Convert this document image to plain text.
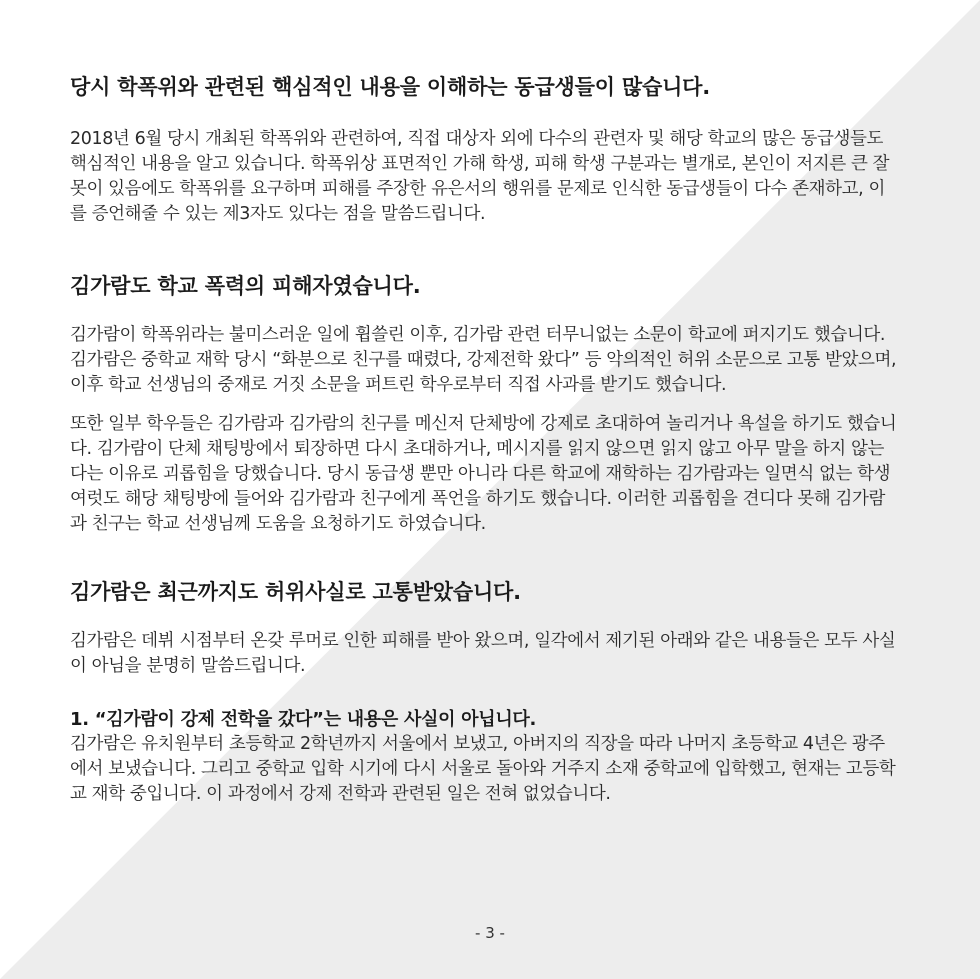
당시 학폭위와 관련된 핵심적인 내용을 이해하는 동급생들이 많습니다.

2018년 6월 당시 개최된 학폭위와 관련하여, 직접 대상자 외에 다수의 관련자 및 해당 학교의 많은 동급생들도 핵심적인 내용을 알고 있습니다. 학폭위상 표면적인 가해 학생, 피해 학생 구분과는 별개로, 본인이 저지른 큰 잘못이 있음에도 학폭위를 요구하며 피해를 주장한 유은서의 행위를 문제로 인식한 동급생들이 다수 존재하고, 이를 증언해줄 수 있는 제3자도 있다는 점을 말씀드립니다.

김가람도 학교 폭력의 피해자였습니다.

김가람이 학폭위라는 불미스러운 일에 휩쓸린 이후, 김가람 관련 터무니없는 소문이 학교에 퍼지기도 했습니다. 김가람은 중학교 재학 당시 “화분으로 친구를 때렸다, 강제전학 왔다” 등 악의적인 허위 소문으로 고통 받았으며, 이후 학교 선생님의 중재로 거짓 소문을 퍼트린 학우로부터 직접 사과를 받기도 했습니다.

또한 일부 학우들은 김가람과 김가람의 친구를 메신저 단체방에 강제로 초대하여 놀리거나 욕설을 하기도 했습니다. 김가람이 단체 채팅방에서 퇴장하면 다시 초대하거나, 메시지를 읽지 않으면 읽지 않고 아무 말을 하지 않는다는 이유로 괴롭힘을 당했습니다. 당시 동급생 뿐만 아니라 다른 학교에 재학하는 김가람과는 일면식 없는 학생 여럿도 해당 채팅방에 들어와 김가람과 친구에게 폭언을 하기도 했습니다. 이러한 괴롭힘을 견디다 못해 김가람과 친구는 학교 선생님께 도움을 요청하기도 하였습니다.

김가람은 최근까지도 허위사실로 고통받았습니다.

김가람은 데뷔 시점부터 온갖 루머로 인한 피해를 받아 왔으며, 일각에서 제기된 아래와 같은 내용들은 모두 사실이 아님을 분명히 말씀드립니다.

1. “김가람이 강제 전학을 갔다”는 내용은 사실이 아닙니다.

김가람은 유치원부터 초등학교 2학년까지 서울에서 보냈고, 아버지의 직장을 따라 나머지 초등학교 4년은 광주에서 보냈습니다. 그리고 중학교 입학 시기에 다시 서울로 돌아와 거주지 소재 중학교에 입학했고, 현재는 고등학교 재학 중입니다. 이 과정에서 강제 전학과 관련된 일은 전혀 없었습니다.

- 3 -
